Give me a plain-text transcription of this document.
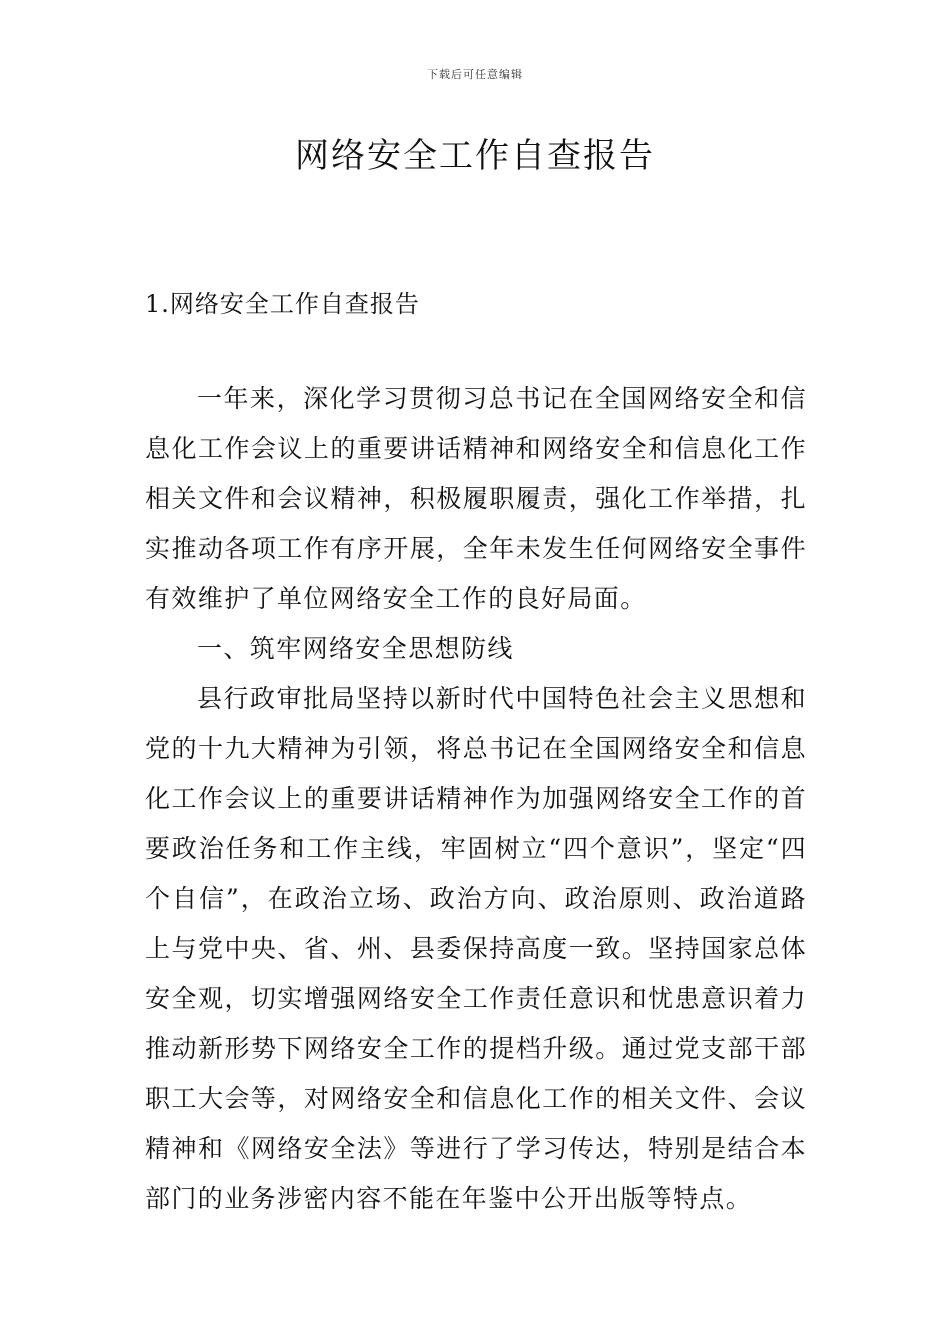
下载后可任意编辑
网络安全工作自查报告
1.网络安全工作自查报告

一年来，深化学习贯彻习总书记在全国网络安全和信息化工作会议上的重要讲话精神和网络安全和信息化工作相关文件和会议精神，积极履职履责，强化工作举措，扎实推动各项工作有序开展，全年未发生任何网络安全事件有效维护了单位网络安全工作的良好局面。

一、筑牢网络安全思想防线

县行政审批局坚持以新时代中国特色社会主义思想和党的十九大精神为引领，将总书记在全国网络安全和信息化工作会议上的重要讲话精神作为加强网络安全工作的首要政治任务和工作主线，牢固树立“四个意识”，坚定“四个自信”，在政治立场、政治方向、政治原则、政治道路上与党中央、省、州、县委保持高度一致。坚持国家总体安全观，切实增强网络安全工作责任意识和忧患意识着力推动新形势下网络安全工作的提档升级。通过党支部干部职工大会等，对网络安全和信息化工作的相关文件、会议精神和《网络安全法》等进行了学习传达，特别是结合本部门的业务涉密内容不能在年鉴中公开出版等特点。
